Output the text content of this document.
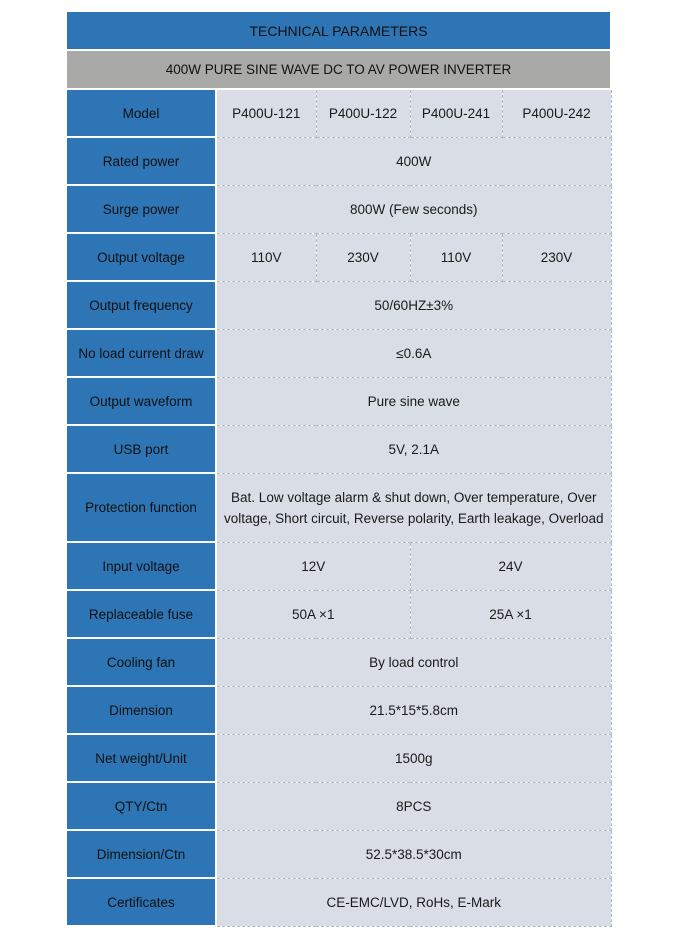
TECHNICAL PARAMETERS				
400W PURE SINE WAVE DC TO AV POWER INVERTER				
Model	P400U-121	P400U-122	P400U-241	P400U-242
Rated power	400W			
Surge power	800W (Few seconds)			
Output voltage	110V	230V	110V	230V
Output frequency	50/60HZ±3%			
No load current draw	≤0.6A			
Output waveform	Pure sine wave			
USB port	5V, 2.1A			
Protection function	Bat. Low voltage alarm & shut down, Over temperature, Over voltage, Short circuit, Reverse polarity, Earth leakage, Overload			
Input voltage	12V		24V	
Replaceable fuse	50A ×1		25A ×1	
Cooling fan	By load control			
Dimension	21.5*15*5.8cm			
Net weight/Unit	1500g			
QTY/Ctn	8PCS			
Dimension/Ctn	52.5*38.5*30cm			
Certificates	CE-EMC/LVD, RoHs, E-Mark			
